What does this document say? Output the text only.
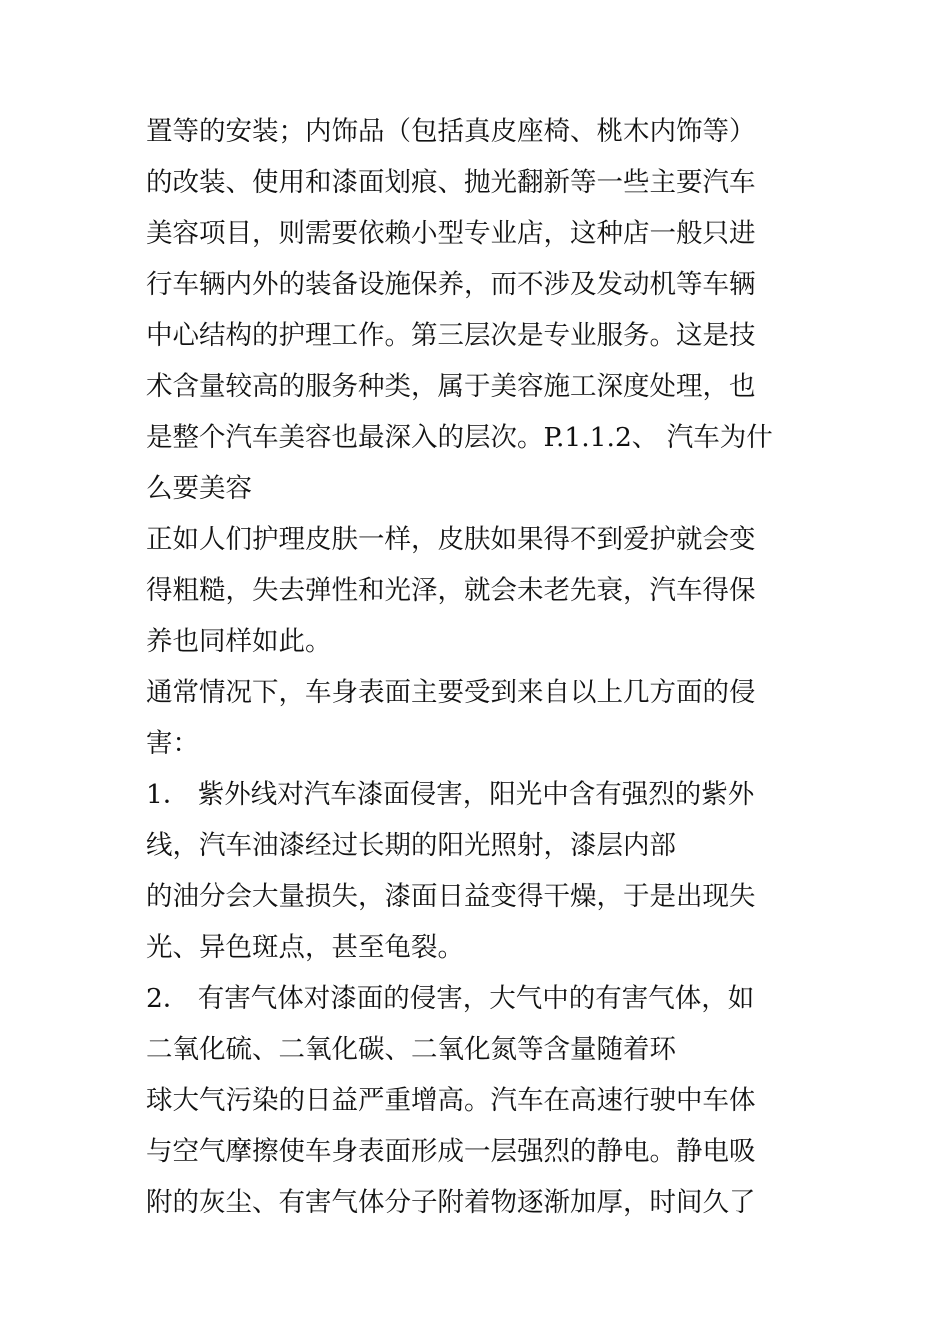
置等的安装；内饰品（包括真皮座椅、桃木内饰等）
的改装、使用和漆面划痕、抛光翻新等一些主要汽车
美容项目，则需要依赖小型专业店，这种店一般只进
行车辆内外的装备设施保养，而不涉及发动机等车辆
中心结构的护理工作。第三层次是专业服务。这是技
术含量较高的服务种类，属于美容施工深度处理，也
是整个汽车美容也最深入的层次。P.1.1.2、 汽车为什
么要美容
正如人们护理皮肤一样，皮肤如果得不到爱护就会变
得粗糙，失去弹性和光泽，就会未老先衰，汽车得保
养也同样如此。
通常情况下，车身表面主要受到来自以上几方面的侵
害：
1． 紫外线对汽车漆面侵害，阳光中含有强烈的紫外
线，汽车油漆经过长期的阳光照射，漆层内部
的油分会大量损失，漆面日益变得干燥，于是出现失
光、异色斑点，甚至龟裂。
2． 有害气体对漆面的侵害，大气中的有害气体，如
二氧化硫、二氧化碳、二氧化氮等含量随着环
球大气污染的日益严重增高。汽车在高速行驶中车体
与空气摩擦使车身表面形成一层强烈的静电。静电吸
附的灰尘、有害气体分子附着物逐渐加厚，时间久了
